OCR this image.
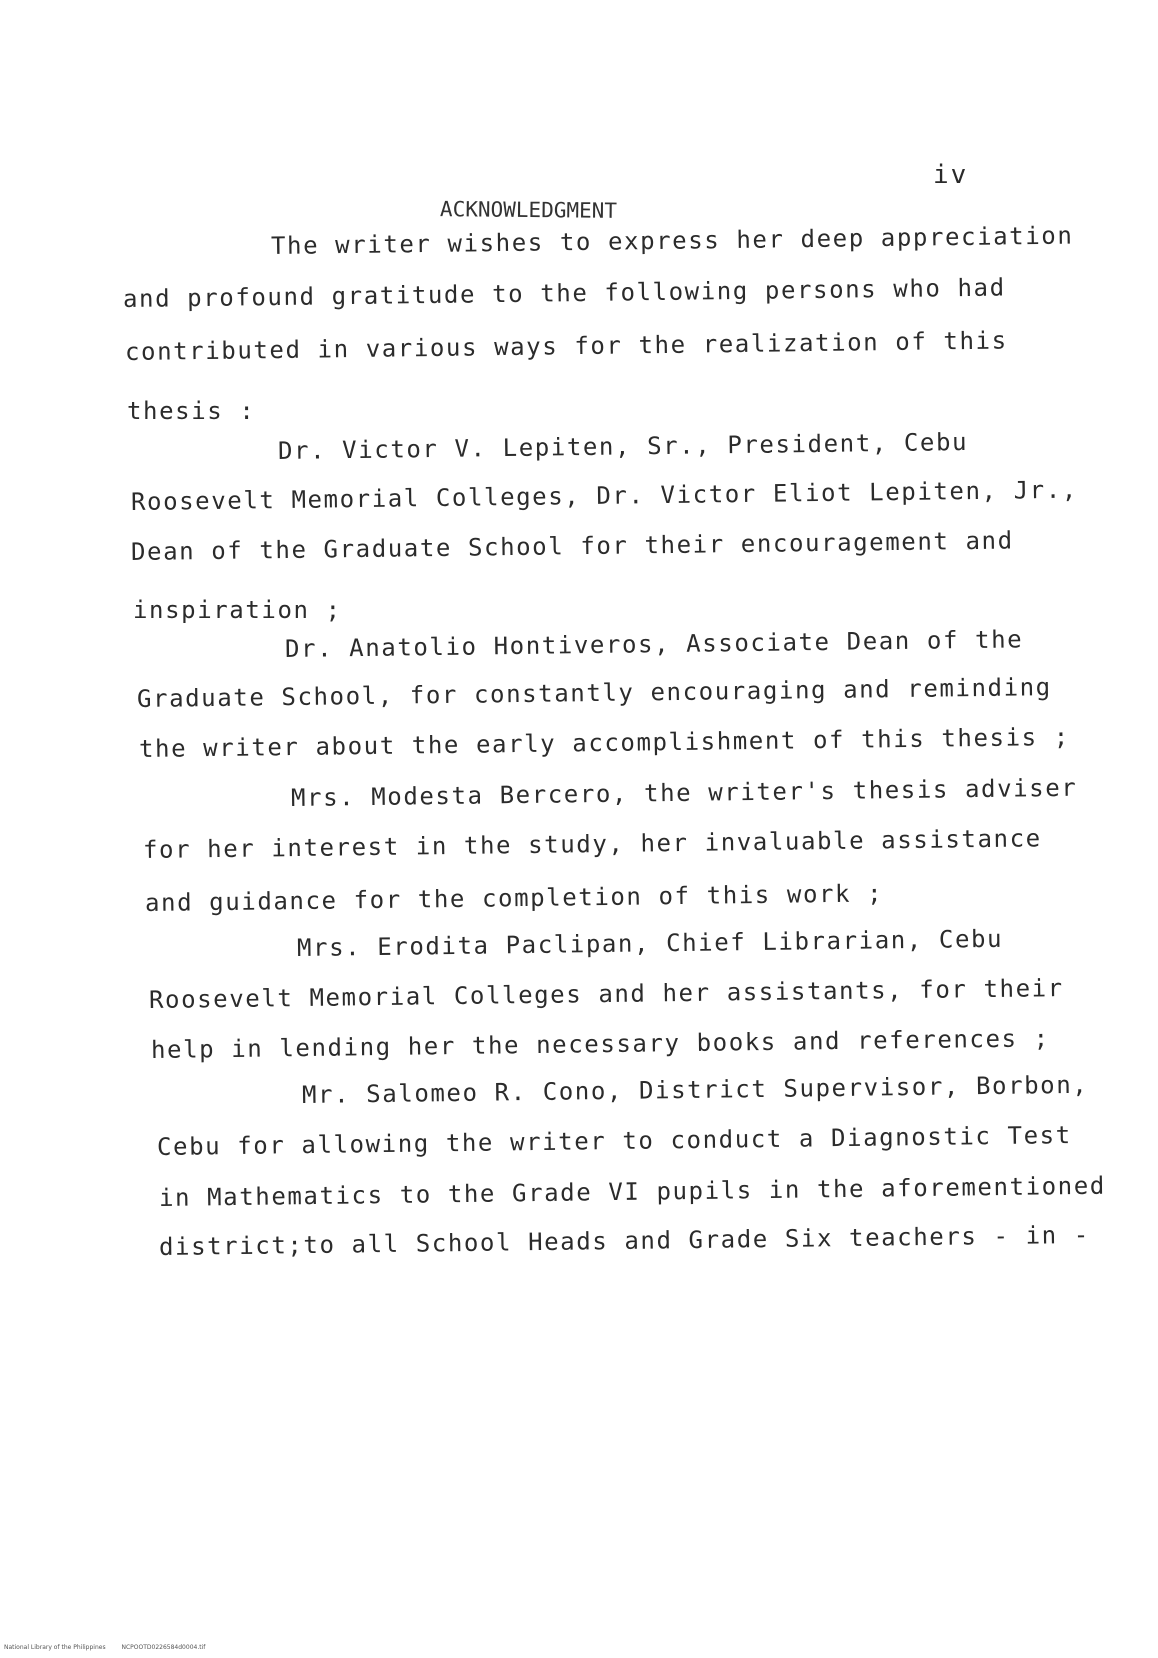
iv
ACKNOWLEDGMENT
The writer wishes to express her deep appreciation
and profound gratitude to the following persons who had
contributed in various ways for the realization of this
thesis :
Dr. Victor V. Lepiten, Sr., President, Cebu
Roosevelt Memorial Colleges, Dr. Victor Eliot Lepiten, Jr.,
Dean of the Graduate School for their encouragement and
inspiration ;
Dr. Anatolio Hontiveros, Associate Dean of the
Graduate School, for constantly encouraging and reminding
the writer about the early accomplishment of this thesis ;
Mrs. Modesta Bercero, the writer's thesis adviser
for her interest in the study, her invaluable assistance
and guidance for the completion of this work ;
Mrs. Erodita Paclipan, Chief Librarian, Cebu
Roosevelt Memorial Colleges and her assistants, for their
help in lending her the necessary books and references ;
Mr. Salomeo R. Cono, District Supervisor, Borbon,
Cebu for allowing the writer to conduct a Diagnostic Test
in Mathematics to the Grade VI pupils in the aforementioned
district;to all School Heads and Grade Six teachers - in -
National Library of the Philippines	NCPOOTD0226584d0004.tif
